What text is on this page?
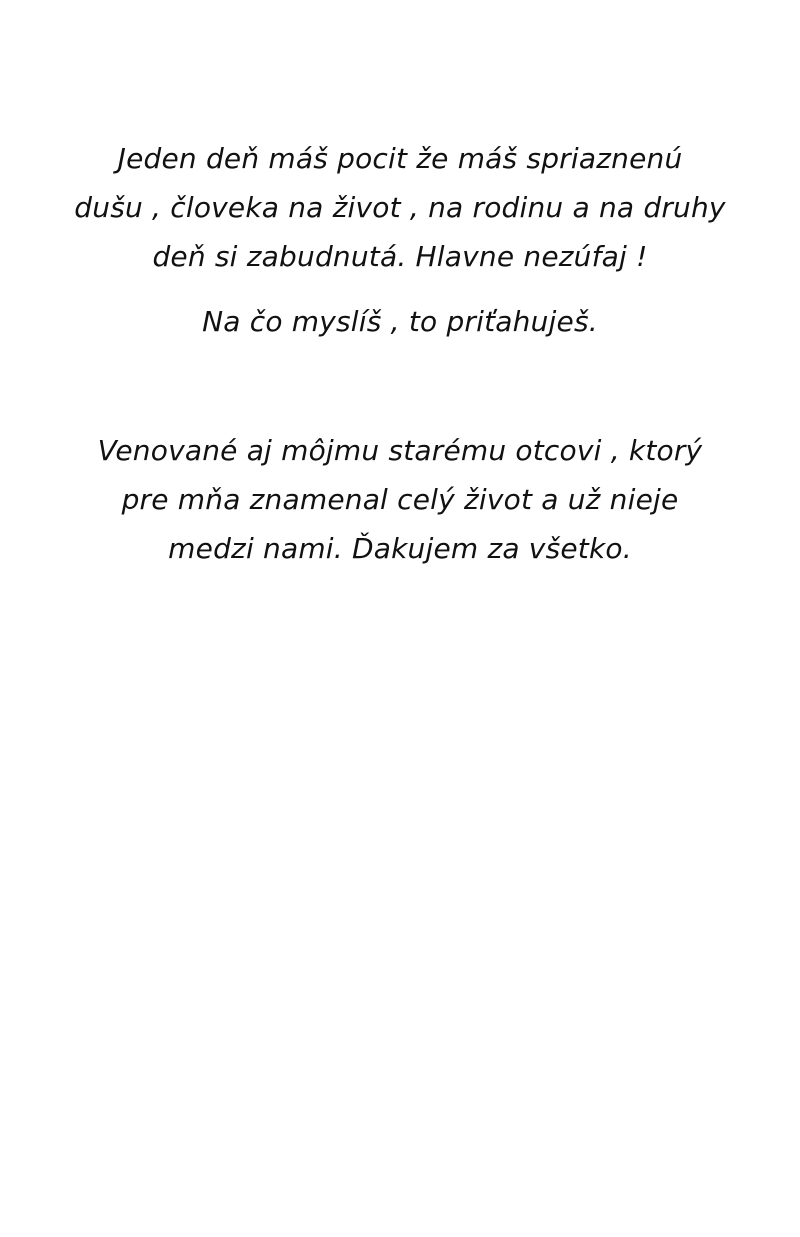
Jeden deň máš pocit že máš spriaznenú
dušu , človeka na život , na rodinu a na druhy
deň si zabudnutá. Hlavne nezúfaj !

Na čo myslíš , to priťahuješ.

Venované aj môjmu starému otcovi , ktorý
pre mňa znamenal celý život a už nieje
medzi nami. Ďakujem za všetko.
